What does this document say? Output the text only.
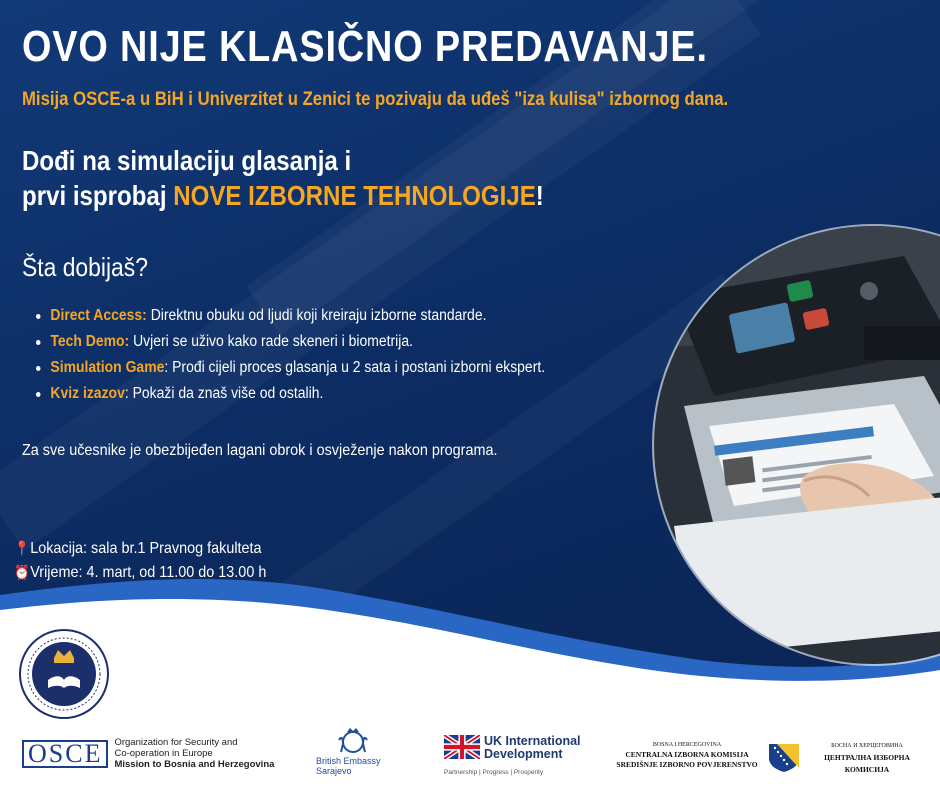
OVO NIJE KLASIČNO PREDAVANJE.
Misija OSCE-a u BiH i Univerzitet u Zenici te pozivaju da uđeš "iza kulisa" izbornog dana.
Dođi na simulaciju glasanja i
prvi isprobaj NOVE IZBORNE TEHNOLOGIJE!
Šta dobijaš?
Direct Access: Direktnu obuku od ljudi koji kreiraju izborne standarde.
Tech Demo: Uvjeri se uživo kako rade skeneri i biometrija.
Simulation Game: Prođi cijeli proces glasanja u 2 sata i postani izborni ekspert.
Kviz izazov: Pokaži da znaš više od ostalih.
Za sve učesnike je obezbijeđen lagani obrok i osvježenje nakon programa.
📍Lokacija: sala br.1 Pravnog fakulteta
⏰Vrijeme: 4. mart, od 11.00 do 13.00 h
OSCE	Organization for Security and
Co-operation in Europe
Mission to Bosnia and Herzegovina	British Embassy
Sarajevo
UK International
Development
Partnership | Progress | Prosperity
BOSNA I HERCEGOVINA
CENTRALNA IZBORNA KOMISIJA
SREDIŠNJE IZBORNO POVJERENSTVO
БОСНА И ХЕРЦЕГОВИНА
ЦЕНТРАЛНА ИЗБОРНА КОМИСИЈА
